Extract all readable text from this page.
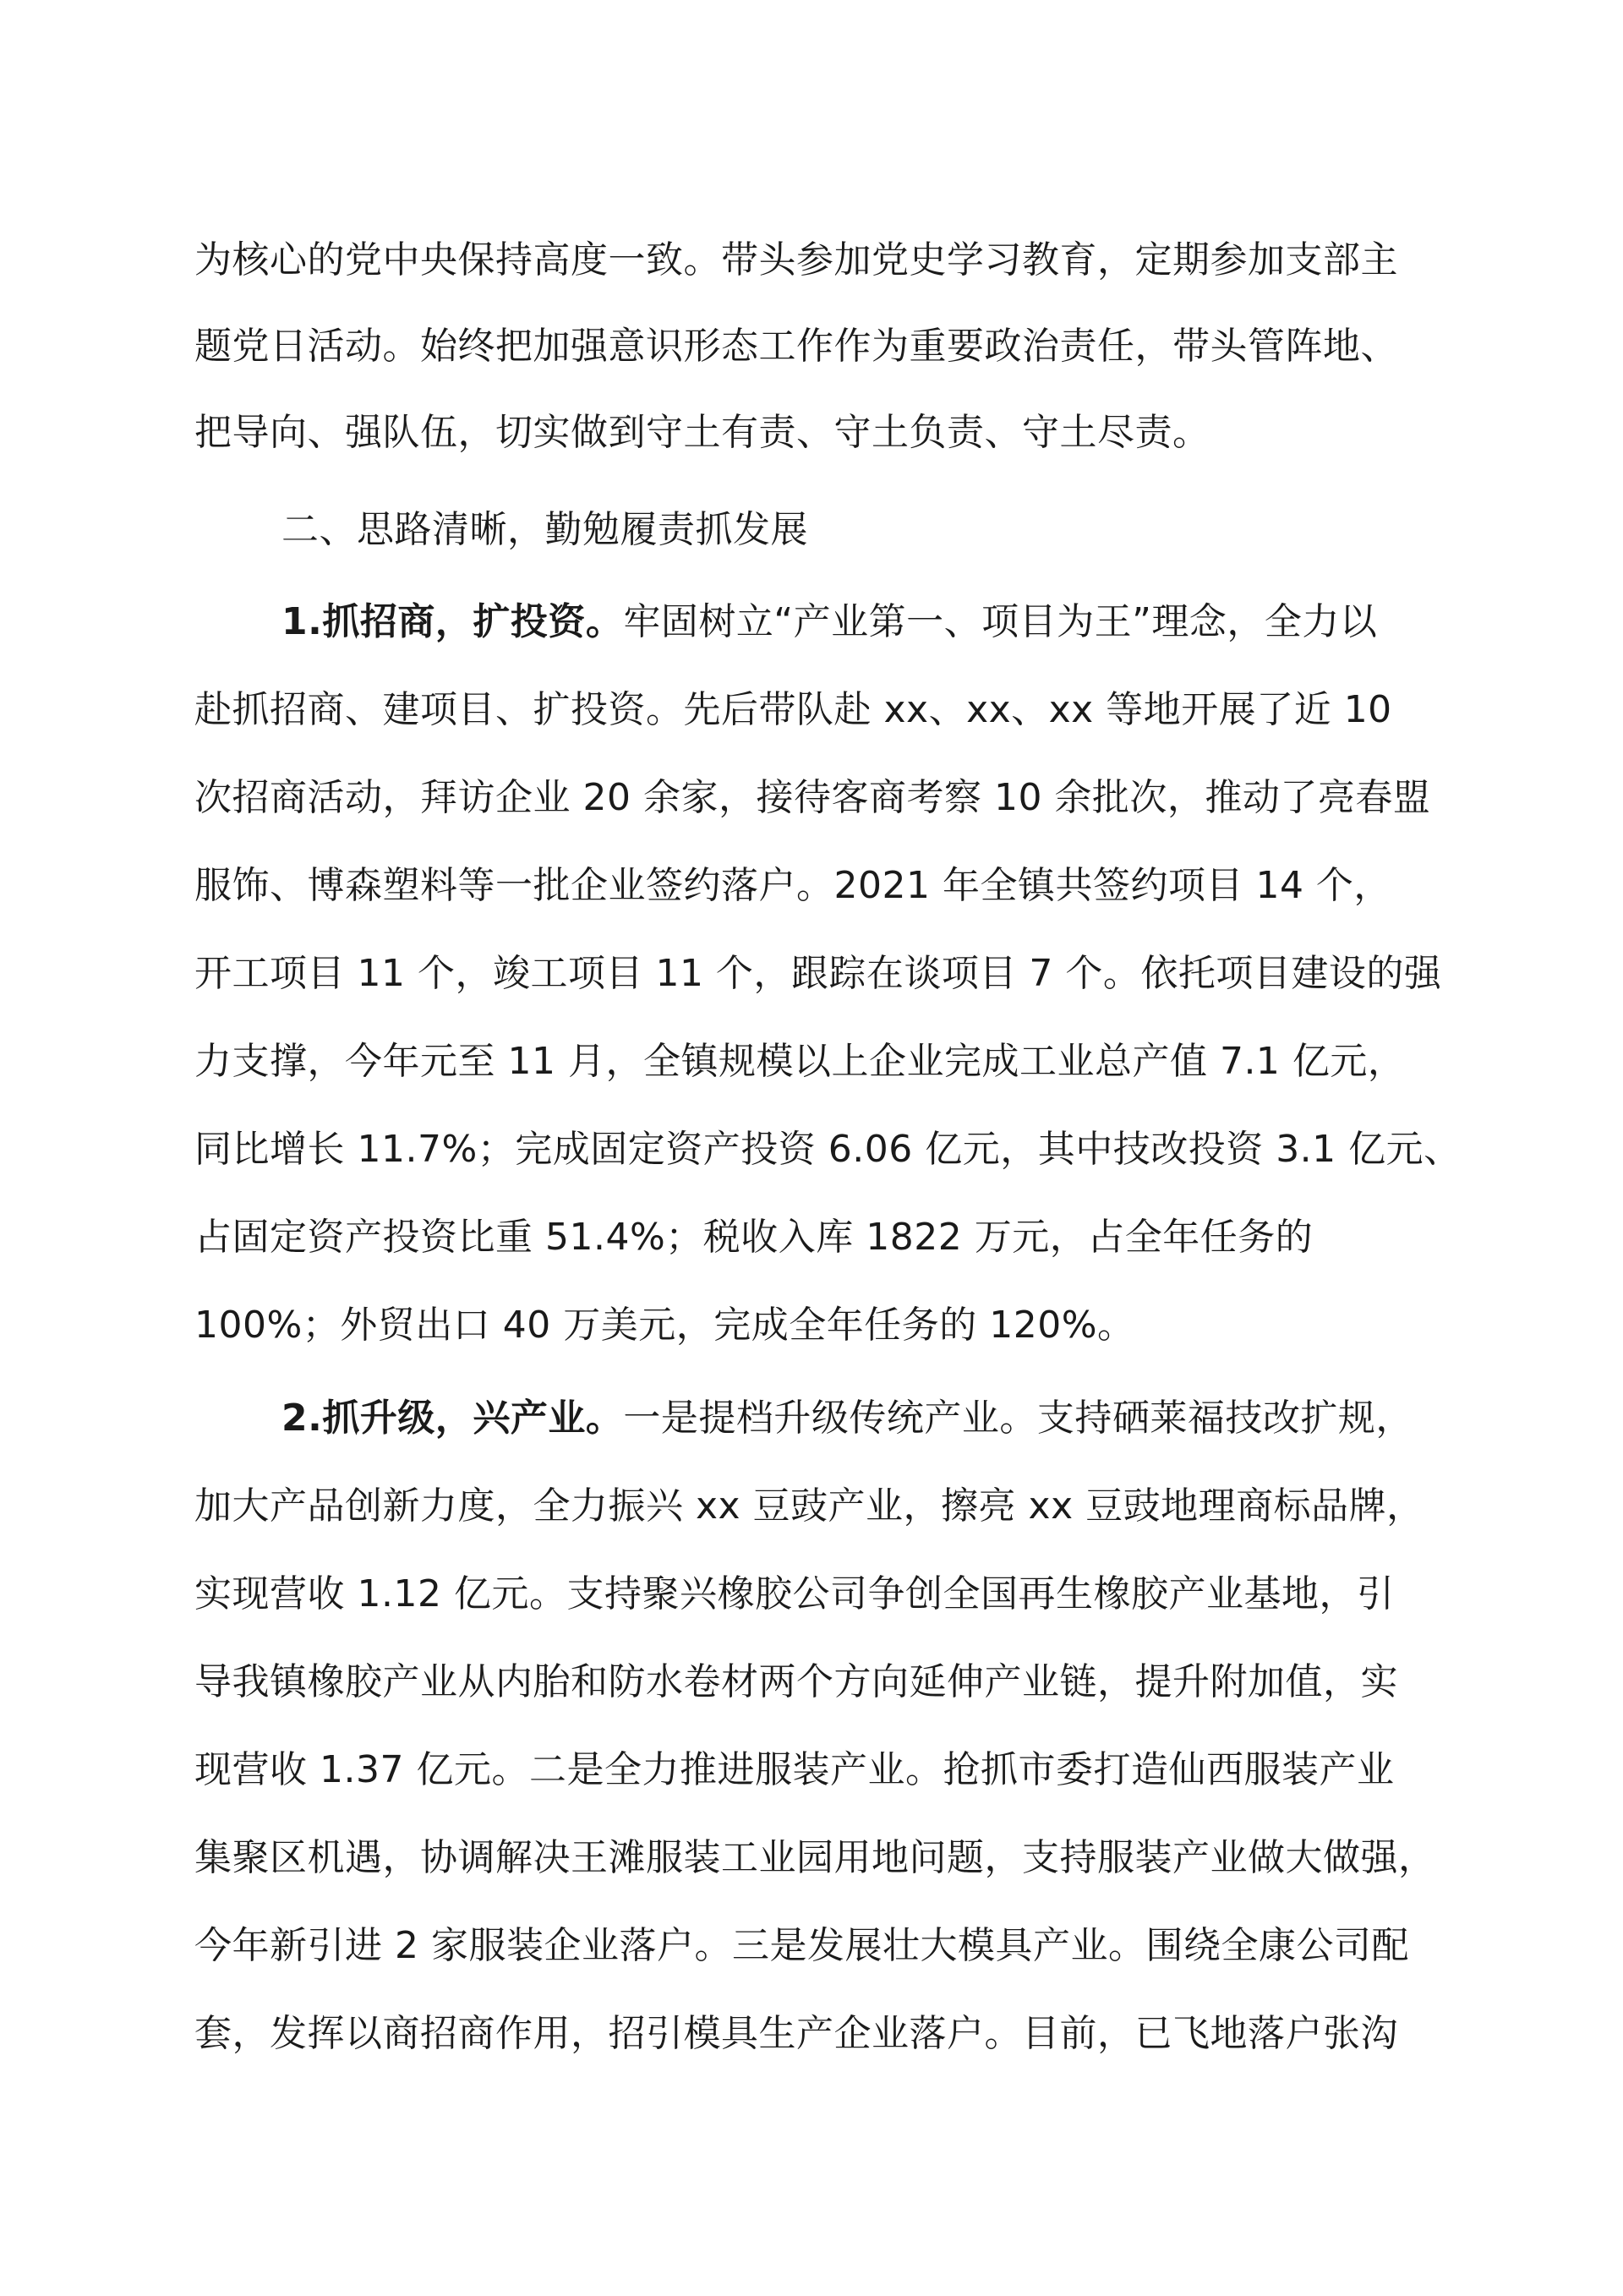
为核心的党中央保持高度一致。带头参加党史学习教育，定期参加支部主
题党日活动。始终把加强意识形态工作作为重要政治责任，带头管阵地、
把导向、强队伍，切实做到守土有责、守土负责、守土尽责。
二、思路清晰，勤勉履责抓发展
1.抓招商，扩投资。牢固树立“产业第一、项目为王”理念，全力以
赴抓招商、建项目、扩投资。先后带队赴 xx、xx、xx 等地开展了近 10
次招商活动，拜访企业 20 余家，接待客商考察 10 余批次，推动了亮春盟
服饰、博森塑料等一批企业签约落户。2021 年全镇共签约项目 14 个，
开工项目 11 个，竣工项目 11 个，跟踪在谈项目 7 个。依托项目建设的强
力支撑，今年元至 11 月，全镇规模以上企业完成工业总产值 7.1 亿元，
同比增长 11.7%；完成固定资产投资 6.06 亿元，其中技改投资 3.1 亿元、
占固定资产投资比重 51.4%；税收入库 1822 万元，占全年任务的
100%；外贸出口 40 万美元，完成全年任务的 120%。
2.抓升级，兴产业。一是提档升级传统产业。支持硒莱福技改扩规，
加大产品创新力度，全力振兴 xx 豆豉产业，擦亮 xx 豆豉地理商标品牌，
实现营收 1.12 亿元。支持聚兴橡胶公司争创全国再生橡胶产业基地，引
导我镇橡胶产业从内胎和防水卷材两个方向延伸产业链，提升附加值，实
现营收 1.37 亿元。二是全力推进服装产业。抢抓市委打造仙西服装产业
集聚区机遇，协调解决王滩服装工业园用地问题，支持服装产业做大做强，
今年新引进 2 家服装企业落户。三是发展壮大模具产业。围绕全康公司配
套，发挥以商招商作用，招引模具生产企业落户。目前，已飞地落户张沟
